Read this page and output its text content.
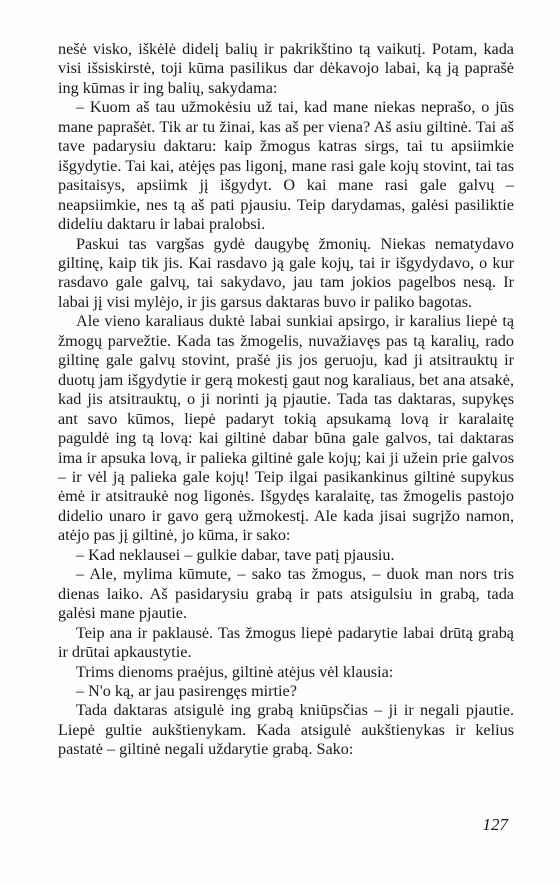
nešė visko, iškėlė didelį balių ir pakrikštino tą vaikutį. Potam, kada visi išsiskirstė, toji kūma pasilikus dar dėkavojo labai, ką ją paprašė ing kūmas ir ing balių, sakydama:

– Kuom aš tau užmokėsiu už tai, kad mane niekas neprašo, o jūs mane paprašėt. Tik ar tu žinai, kas aš per viena? Aš asiu giltinė. Tai aš tave padarysiu daktaru: kaip žmogus katras sirgs, tai tu apsiimkie išgydytie. Tai kai, atėjęs pas ligonį, mane rasi gale kojų stovint, tai tas pasitaisys, apsiimk jį išgydyt. O kai mane rasi gale galvų – neapsiimkie, nes tą aš pati pjausiu. Teip darydamas, galėsi pasiliktie dideliu daktaru ir labai pralobsi.

Paskui tas vargšas gydė daugybę žmonių. Niekas nematydavo giltinę, kaip tik jis. Kai rasdavo ją gale kojų, tai ir išgydydavo, o kur rasdavo gale galvų, tai sakydavo, jau tam jokios pagelbos nesą. Ir labai jį visi mylėjo, ir jis garsus daktaras buvo ir paliko bagotas.

Ale vieno karaliaus duktė labai sunkiai apsirgo, ir karalius liepė tą žmogų parvežtie. Kada tas žmogelis, nuvažiavęs pas tą karalių, rado giltinę gale galvų stovint, prašė jis jos geruoju, kad ji atsitrauktų ir duotų jam išgydytie ir gerą mokestį gaut nog karaliaus, bet ana atsakė, kad jis atsitrauktų, o ji norinti ją pjautie. Tada tas daktaras, supykęs ant savo kūmos, liepė padaryt tokią apsukamą lovą ir karalaitę paguldė ing tą lovą: kai giltinė dabar būna gale galvos, tai daktaras ima ir apsuka lovą, ir palieka giltinė gale kojų; kai ji užein prie galvos – ir vėl ją palieka gale kojų! Teip ilgai pasikankinus giltinė supykus ėmė ir atsitraukė nog ligonės. Išgydęs karalaitę, tas žmogelis pastojo didelio unaro ir gavo gerą užmokestį. Ale kada jisai sugrįžo namon, atėjo pas jį giltinė, jo kūma, ir sako:

– Kad neklausei – gulkie dabar, tave patį pjausiu.

– Ale, mylima kūmute, – sako tas žmogus, – duok man nors tris dienas laiko. Aš pasidarysiu grabą ir pats atsigulsiu in grabą, tada galėsi mane pjautie.

Teip ana ir paklausė. Tas žmogus liepė padarytie labai drūtą grabą ir drūtai apkaustytie.

Trims dienoms praėjus, giltinė atėjus vėl klausia:

– N'o ką, ar jau pasirengęs mirtie?

Tada daktaras atsigulė ing grabą kniūpsčias – ji ir negali pjautie. Liepė gultie aukštienykam. Kada atsigulė aukštienykas ir kelius pastatė – giltinė negali uždarytie grabą. Sako:

127
